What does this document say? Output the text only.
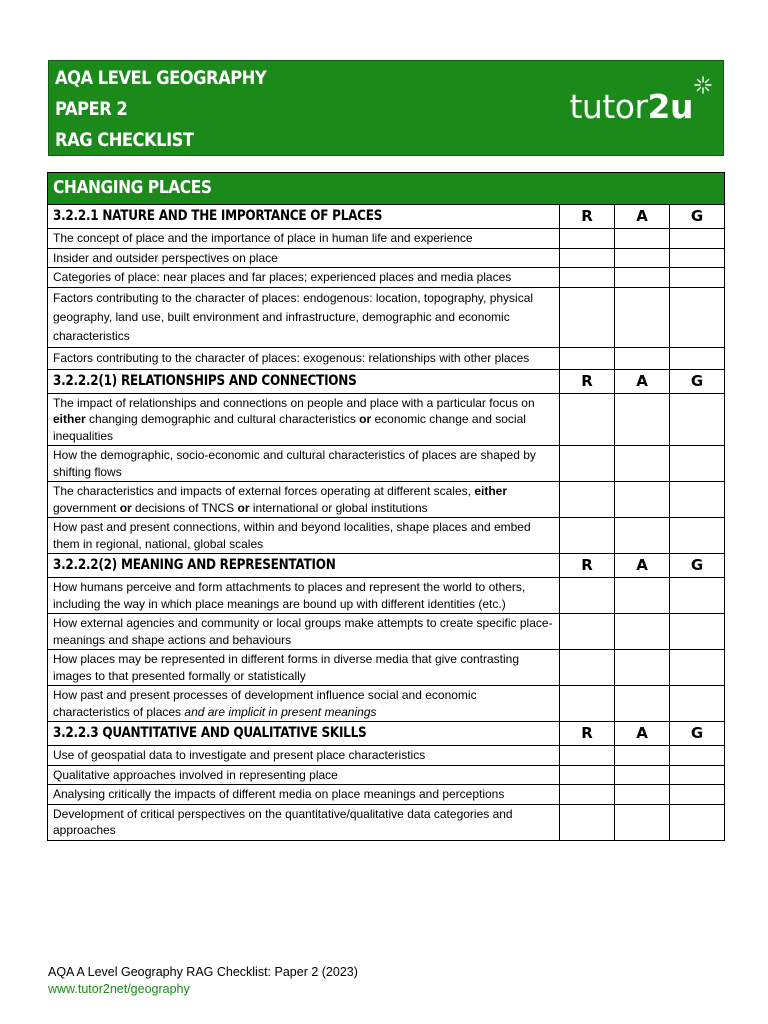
AQA LEVEL GEOGRAPHY
PAPER 2
RAG CHECKLIST
tutor2u
CHANGING PLACES			
3.2.2.1 NATURE AND THE IMPORTANCE OF PLACES	R	A	G
The concept of place and the importance of place in human life and experience			
Insider and outsider perspectives on place			
Categories of place: near places and far places; experienced places and media places			
Factors contributing to the character of places: endogenous: location, topography, physical geography, land use, built environment and infrastructure, demographic and economic characteristics			
Factors contributing to the character of places: exogenous: relationships with other places			
3.2.2.2(1) RELATIONSHIPS AND CONNECTIONS	R	A	G
The impact of relationships and connections on people and place with a particular focus on either changing demographic and cultural characteristics or economic change and social inequalities			
How the demographic, socio-economic and cultural characteristics of places are shaped by shifting flows			
The characteristics and impacts of external forces operating at different scales, either government or decisions of TNCS or international or global institutions			
How past and present connections, within and beyond localities, shape places and embed them in regional, national, global scales			
3.2.2.2(2) MEANING AND REPRESENTATION	R	A	G
How humans perceive and form attachments to places and represent the world to others, including the way in which place meanings are bound up with different identities (etc.)			
How external agencies and community or local groups make attempts to create specific place-meanings and shape actions and behaviours			
How places may be represented in different forms in diverse media that give contrasting images to that presented formally or statistically			
How past and present processes of development influence social and economic characteristics of places and are implicit in present meanings			
3.2.2.3 QUANTITATIVE AND QUALITATIVE SKILLS	R	A	G
Use of geospatial data to investigate and present place characteristics			
Qualitative approaches involved in representing place			
Analysing critically the impacts of different media on place meanings and perceptions			
Development of critical perspectives on the quantitative/qualitative data categories and approaches			
AQA A Level Geography RAG Checklist: Paper 2 (2023)
www.tutor2net/geography
